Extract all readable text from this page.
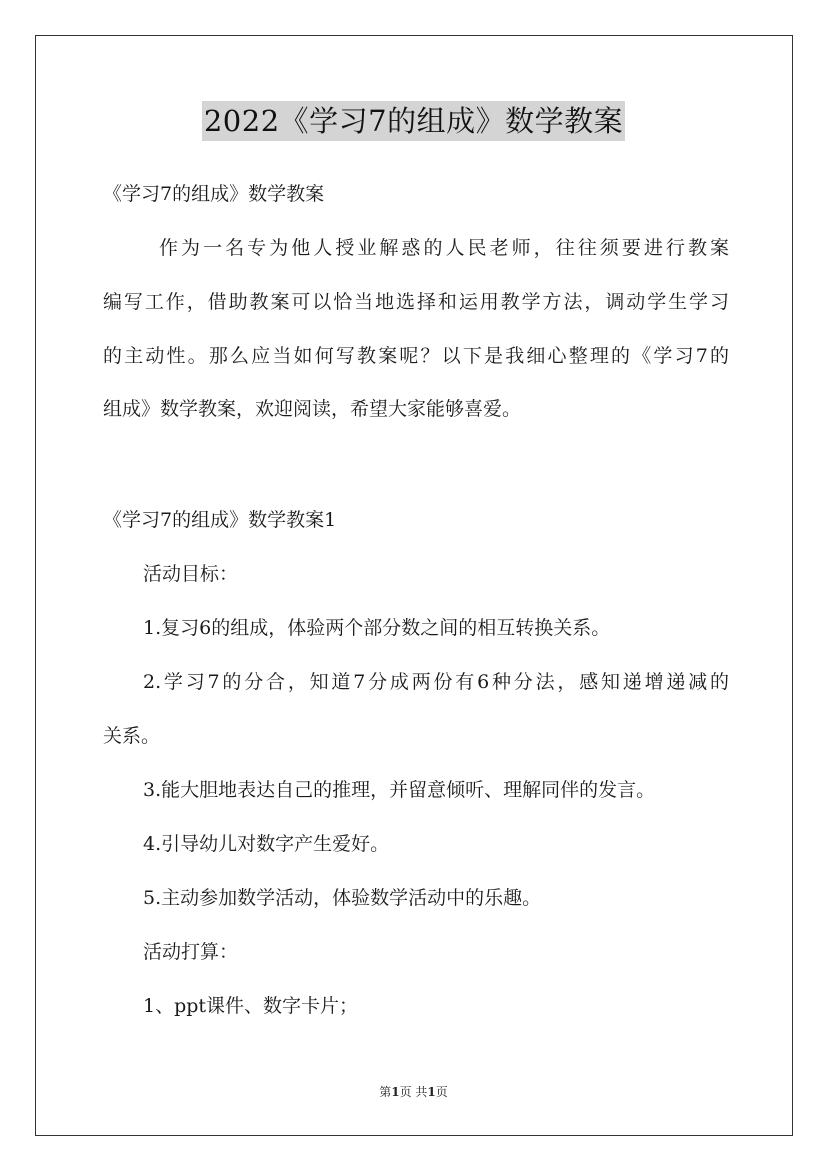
2022《学习7的组成》数学教案
《学习7的组成》数学教案
作为一名专为他人授业解惑的人民老师，往往须要进行教案
编写工作，借助教案可以恰当地选择和运用教学方法，调动学生学习
的主动性。那么应当如何写教案呢？以下是我细心整理的《学习7的
组成》数学教案，欢迎阅读，希望大家能够喜爱。
《学习7的组成》数学教案1
活动目标：
1.复习6的组成，体验两个部分数之间的相互转换关系。
2.学习7的分合，知道7分成两份有6种分法，感知递增递减的
关系。
3.能大胆地表达自己的推理，并留意倾听、理解同伴的发言。
4.引导幼儿对数字产生爱好。
5.主动参加数学活动，体验数学活动中的乐趣。
活动打算：
1、ppt课件、数字卡片；
第1页 共1页
